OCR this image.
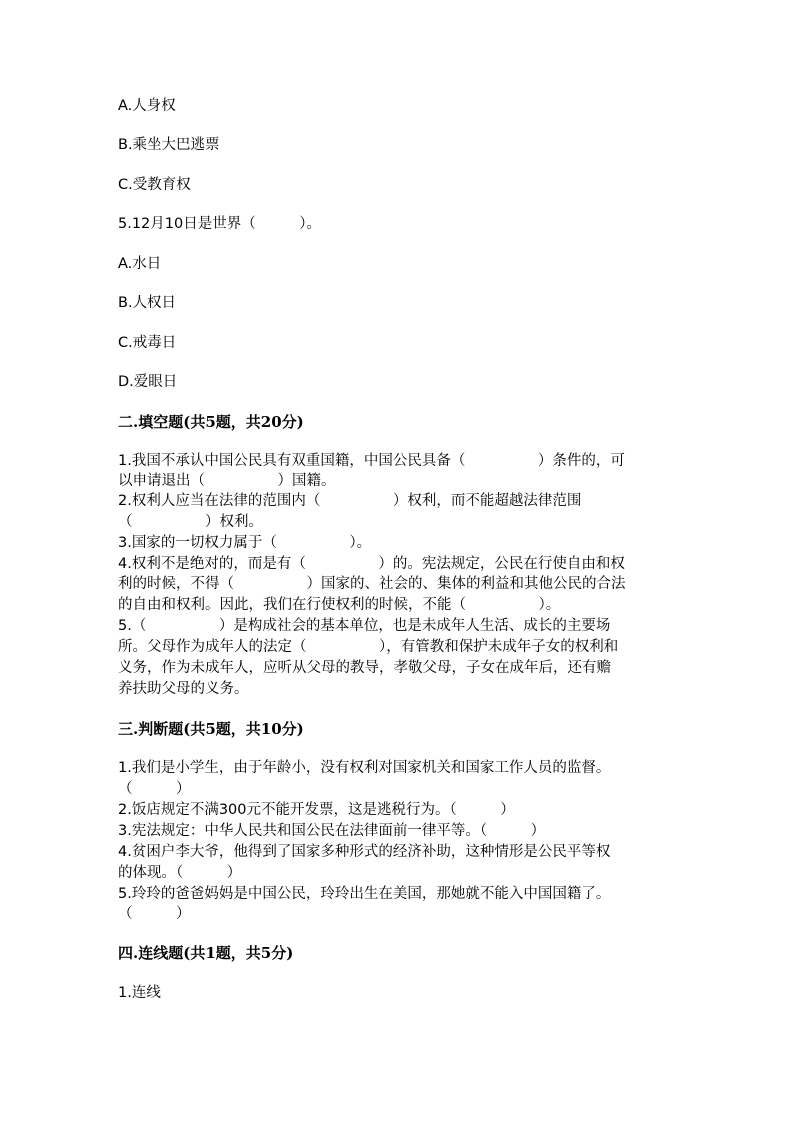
A.人身权
B.乘坐大巴逃票
C.受教育权
5.12月10日是世界（　　　）。
A.水日
B.人权日
C.戒毒日
D.爱眼日
二.填空题(共5题，共20分)
1.我国不承认中国公民具有双重国籍，中国公民具备（　　　　　）条件的，可
以申请退出（　　　　　）国籍。
2.权利人应当在法律的范围内（　　　　　）权利，而不能超越法律范围
（　　　　　）权利。
3.国家的一切权力属于（　　　　　）。
4.权利不是绝对的，而是有（　　　　　）的。宪法规定，公民在行使自由和权
利的时候，不得（　　　　　）国家的、社会的、集体的利益和其他公民的合法
的自由和权利。因此，我们在行使权利的时候，不能（　　　　　）。
5.（　　　　　）是构成社会的基本单位，也是未成年人生活、成长的主要场
所。父母作为成年人的法定（　　　　　），有管教和保护未成年子女的权利和
义务，作为未成年人，应听从父母的教导，孝敬父母，子女在成年后，还有赡
养扶助父母的义务。
三.判断题(共5题，共10分)
1.我们是小学生，由于年龄小，没有权利对国家机关和国家工作人员的监督。
（　　　）
2.饭店规定不满300元不能开发票，这是逃税行为。（　　　）
3.宪法规定：中华人民共和国公民在法律面前一律平等。（　　　）
4.贫困户李大爷，他得到了国家多种形式的经济补助，这种情形是公民平等权
的体现。（　　　）
5.玲玲的爸爸妈妈是中国公民，玲玲出生在美国，那她就不能入中国国籍了。
（　　　）
四.连线题(共1题，共5分)
1.连线
